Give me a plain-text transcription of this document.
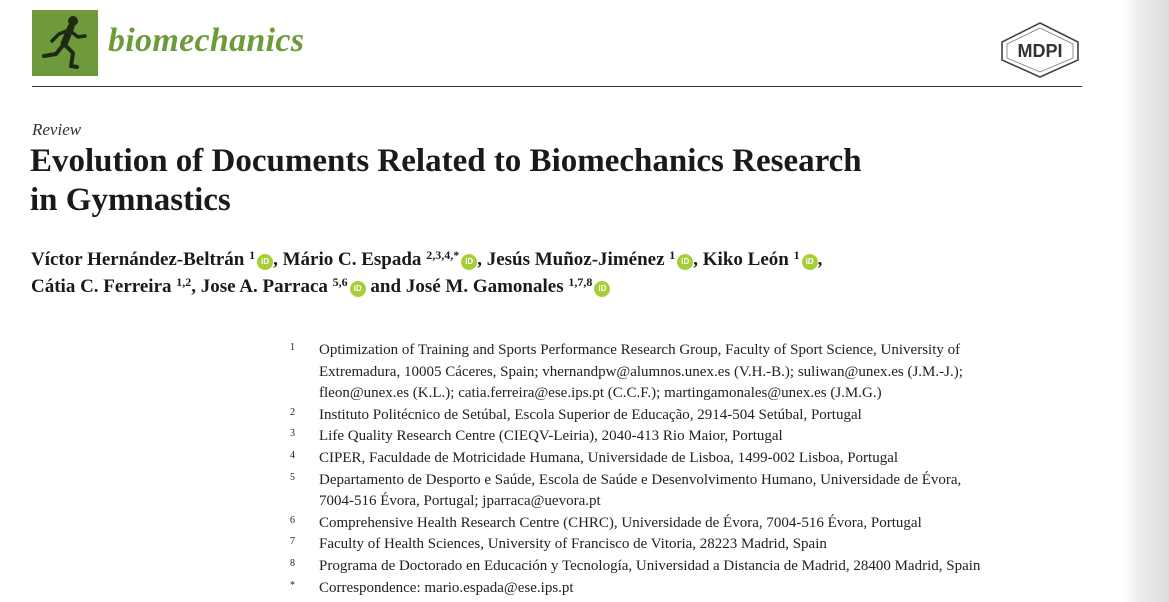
biomechanics	MDPI
Review
Evolution of Documents Related to Biomechanics Research
in Gymnastics
Víctor Hernández-Beltrán $^1$ iD , Mário C. Espada $^{2,3,4,*}$ iD , Jesús Muñoz-Jiménez $^1$ iD , Kiko León $^1$ iD ,
Cátia C. Ferreira $^{1,2}$, Jose A. Parraca $^{5,6}$ iD and José M. Gamonales $^{1,7,8}$ iD
1	Optimization of Training and Sports Performance Research Group, Faculty of Sport Science, University of
Extremadura, 10005 Cáceres, Spain; vhernandpw@alumnos.unex.es (V.H.-B.); suliwan@unex.es (J.M.-J.);
fleon@unex.es (K.L.); catia.ferreira@ese.ips.pt (C.C.F.); martingamonales@unex.es (J.M.G.)
2	Instituto Politécnico de Setúbal, Escola Superior de Educação, 2914-504 Setúbal, Portugal
3	Life Quality Research Centre (CIEQV-Leiria), 2040-413 Rio Maior, Portugal
4	CIPER, Faculdade de Motricidade Humana, Universidade de Lisboa, 1499-002 Lisboa, Portugal
5	Departamento de Desporto e Saúde, Escola de Saúde e Desenvolvimento Humano, Universidade de Évora,
7004-516 Évora, Portugal; jparraca@uevora.pt
6	Comprehensive Health Research Centre (CHRC), Universidade de Évora, 7004-516 Évora, Portugal
7	Faculty of Health Sciences, University of Francisco de Vitoria, 28223 Madrid, Spain
8	Programa de Doctorado en Educación y Tecnología, Universidad a Distancia de Madrid, 28400 Madrid, Spain
*	Correspondence: mario.espada@ese.ips.pt
